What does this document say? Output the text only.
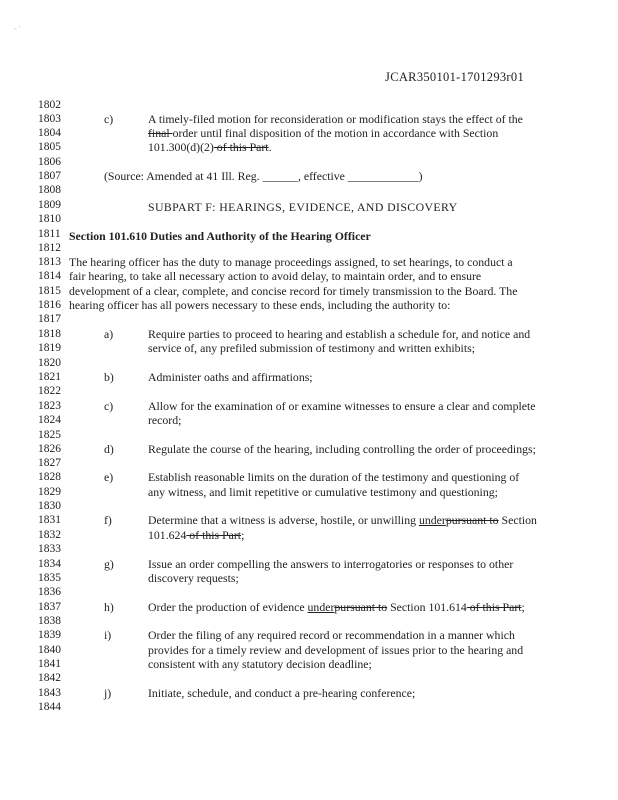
- '
JCAR350101-1701293r01
1802
1803
1804
1805
1806
1807
1808
1809
1810
1811
1812
1813
1814
1815
1816
1817
1818
1819
1820
1821
1822
1823
1824
1825
1826
1827
1828
1829
1830
1831
1832
1833
1834
1835
1836
1837
1838
1839
1840
1841
1842
1843
1844
c)	A timely-filed motion for reconsideration or modification stays the effect of the
final order until final disposition of the motion in accordance with Section
101.300(d)(2) of this Part.
(Source: Amended at 41 Ill. Reg. ______, effective ____________)
SUBPART F: HEARINGS, EVIDENCE, AND DISCOVERY
Section 101.610 Duties and Authority of the Hearing Officer
The hearing officer has the duty to manage proceedings assigned, to set hearings, to conduct a
fair hearing, to take all necessary action to avoid delay, to maintain order, and to ensure
development of a clear, complete, and concise record for timely transmission to the Board. The
hearing officer has all powers necessary to these ends, including the authority to:
a)	Require parties to proceed to hearing and establish a schedule for, and notice and
service of, any prefiled submission of testimony and written exhibits;
b)	Administer oaths and affirmations;
c)	Allow for the examination of or examine witnesses to ensure a clear and complete
record;
d)	Regulate the course of the hearing, including controlling the order of proceedings;
e)	Establish reasonable limits on the duration of the testimony and questioning of
any witness, and limit repetitive or cumulative testimony and questioning;
f)	Determine that a witness is adverse, hostile, or unwilling underpursuant to Section
101.624 of this Part;
g)	Issue an order compelling the answers to interrogatories or responses to other
discovery requests;
h)	Order the production of evidence underpursuant to Section 101.614 of this Part;
i)	Order the filing of any required record or recommendation in a manner which
provides for a timely review and development of issues prior to the hearing and
consistent with any statutory decision deadline;
j)	Initiate, schedule, and conduct a pre-hearing conference;
